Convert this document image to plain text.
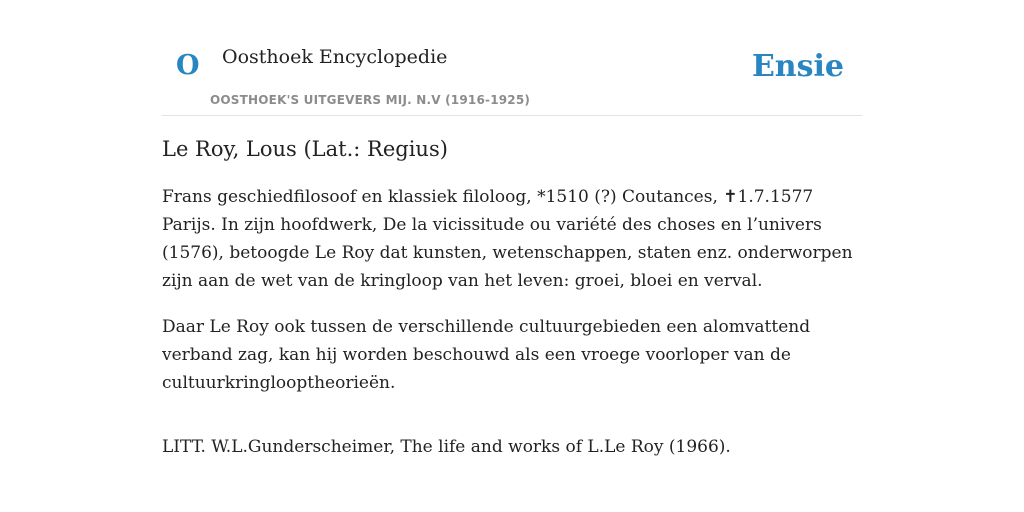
O Oosthoek Encyclopedie
OOSTHOEK'S UITGEVERS MIJ. N.V (1916-1925)
Ensie
Le Roy, Lous (Lat.: Regius)

Frans geschiedfilosoof en klassiek filoloog, *1510 (?) Coutances, ✝1.7.1577 Parijs. In zijn hoofdwerk, De la vicissitude ou variété des choses en l’univers (1576), betoogde Le Roy dat kunsten, wetenschappen, staten enz. onderworpen zijn aan de wet van de kringloop van het leven: groei, bloei en verval.

Daar Le Roy ook tussen de verschillende cultuurgebieden een alomvattend verband zag, kan hij worden beschouwd als een vroege voorloper van de cultuurkringlooptheorieën.

LITT. W.L.Gunderscheimer, The life and works of L.Le Roy (1966).
